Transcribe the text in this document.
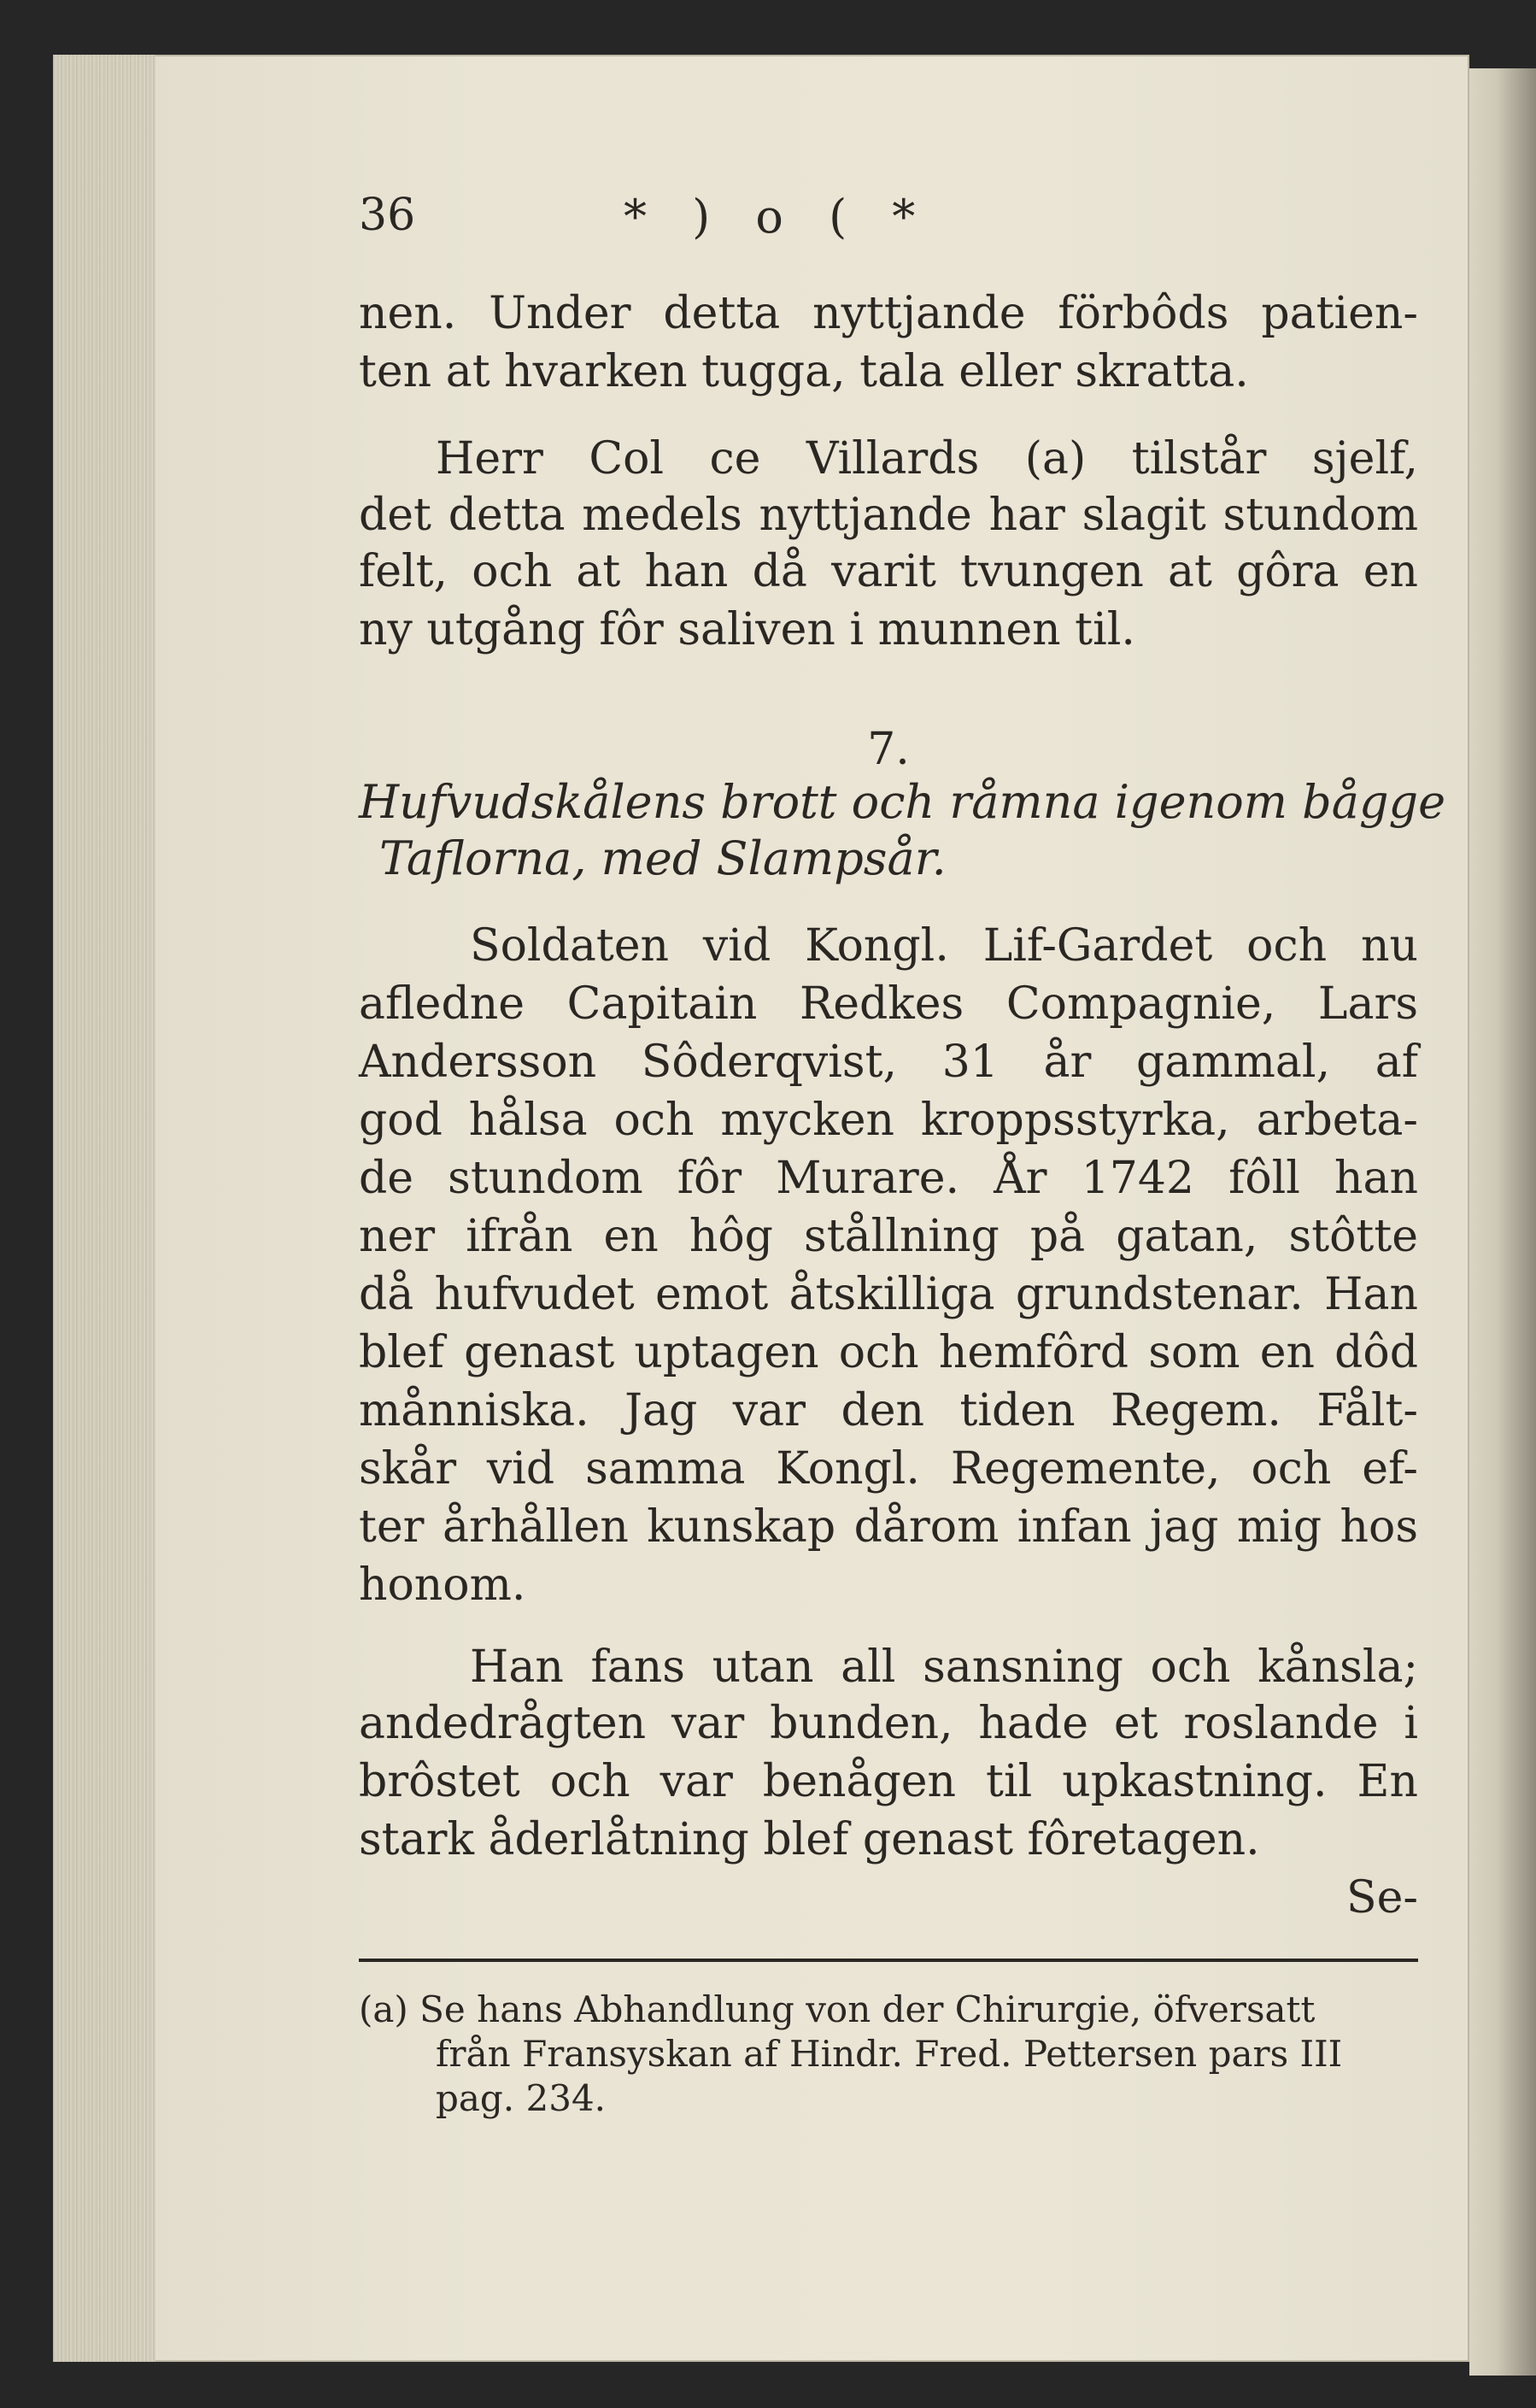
36	* ) o ( *
nen. Under detta nyttjande förbôds patien-
ten at hvarken tugga, tala eller skratta.
Herr Col ce Villards (a) tilstår sjelf,
det detta medels nyttjande har slagit stundom
felt, och at han då varit tvungen at gôra en
ny utgång fôr saliven i munnen til.
7.
Hufvudskålens brott och råmna igenom bågge
Taflorna, med Slampsår.
Soldaten vid Kongl. Lif-Gardet och nu
afledne Capitain Redkes Compagnie, Lars
Andersson Sôderqvist, 31 år gammal, af
god hålsa och mycken kroppsstyrka, arbeta-
de stundom fôr Murare. År 1742 fôll han
ner ifrån en hôg stållning på gatan, stôtte
då hufvudet emot åtskilliga grundstenar. Han
blef genast uptagen och hemfôrd som en dôd
månniska. Jag var den tiden Regem. Fålt-
skår vid samma Kongl. Regemente, och ef-
ter århållen kunskap dårom infan jag mig hos
honom.
Han fans utan all sansning och kånsla;
andedrågten var bunden, hade et roslande i
brôstet och var benågen til upkastning. En
stark åderlåtning blef genast fôretagen.
Se-
(a) Se hans Abhandlung von der Chirurgie, öfversatt
från Fransyskan af Hindr. Fred. Pettersen pars III
pag. 234.
